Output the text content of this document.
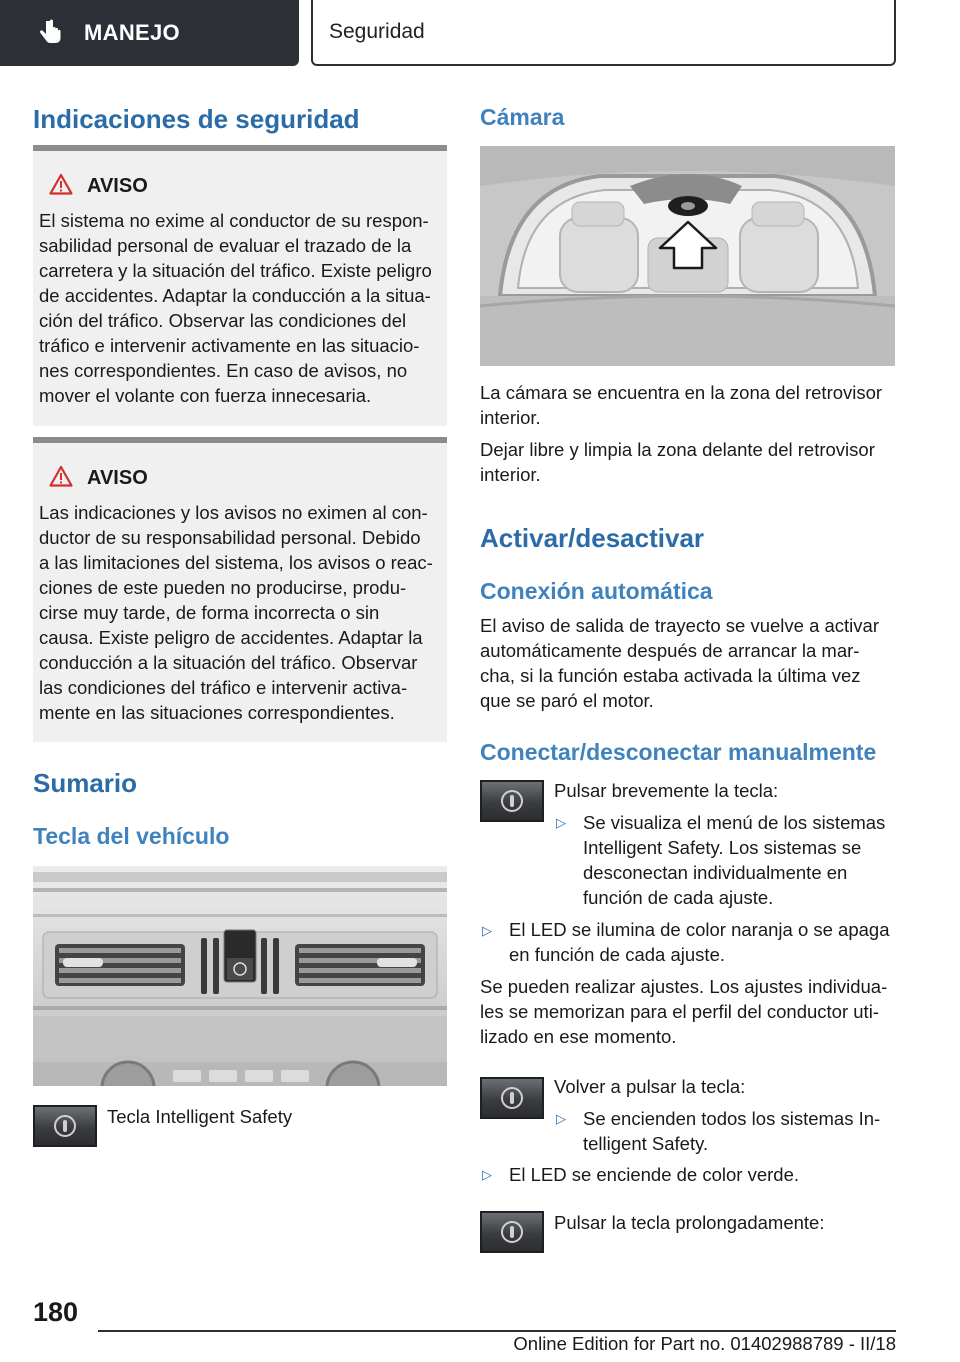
MANEJO	Seguridad
Indicaciones de seguridad
AVISO
El sistema no exime al conductor de su respon‐
sabilidad personal de evaluar el trazado de la
carretera y la situación del tráfico. Existe peligro
de accidentes. Adaptar la conducción a la situa‐
ción del tráfico. Observar las condiciones del
tráfico e intervenir activamente en las situacio‐
nes correspondientes. En caso de avisos, no
mover el volante con fuerza innecesaria.
AVISO
Las indicaciones y los avisos no eximen al con‐
ductor de su responsabilidad personal. Debido
a las limitaciones del sistema, los avisos o reac‐
ciones de este pueden no producirse, produ‐
cirse muy tarde, de forma incorrecta o sin
causa. Existe peligro de accidentes. Adaptar la
conducción a la situación del tráfico. Observar
las condiciones del tráfico e intervenir activa‐
mente en las situaciones correspondientes.
Sumario
Tecla del vehículo
Tecla Intelligent Safety
Cámara
La cámara se encuentra en la zona del retrovisor
interior.
Dejar libre y limpia la zona delante del retrovisor
interior.
Activar/desactivar
Conexión automática
El aviso de salida de trayecto se vuelve a activar
automáticamente después de arrancar la mar‐
cha, si la función estaba activada la última vez
que se paró el motor.
Conectar/desconectar manualmente
Pulsar brevemente la tecla:
▷ Se visualiza el menú de los sistemas
Intelligent Safety. Los sistemas se
desconectan individualmente en
función de cada ajuste.
▷ El LED se ilumina de color naranja o se apaga
en función de cada ajuste.
Se pueden realizar ajustes. Los ajustes individua‐
les se memorizan para el perfil del conductor uti‐
lizado en ese momento.
Volver a pulsar la tecla:
▷ Se encienden todos los sistemas In‐
telligent Safety.
▷ El LED se enciende de color verde.
Pulsar la tecla prolongadamente:
180
Online Edition for Part no. 01402988789 - II/18
